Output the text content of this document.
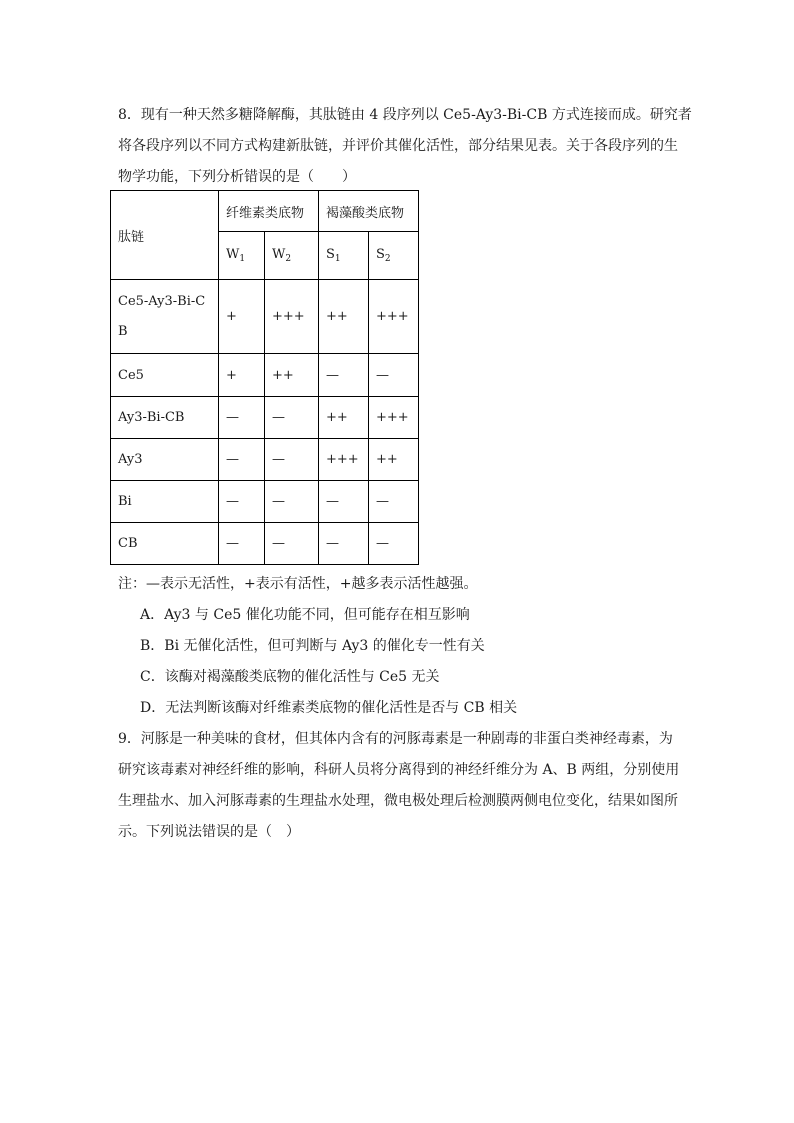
8．现有一种天然多糖降解酶，其肽链由 4 段序列以 Ce5-Ay3-Bi-CB 方式连接而成。研究者
将各段序列以不同方式构建新肽链，并评价其催化活性，部分结果见表。关于各段序列的生
物学功能，下列分析错误的是（　　）
肽链	纤维素类底物		褐藻酸类底物	
	$W_1$	$W_2$	$S_1$	$S_2$
Ce5-Ay3-Bi-C
B	+	+++	++	+++
Ce5	+	++	—	—
Ay3-Bi-CB	—	—	++	+++
Ay3	—	—	+++	++
Bi	—	—	—	—
CB	—	—	—	—
注：—表示无活性，+表示有活性，+越多表示活性越强。
A．Ay3 与 Ce5 催化功能不同，但可能存在相互影响
B．Bi 无催化活性，但可判断与 Ay3 的催化专一性有关
C．该酶对褐藻酸类底物的催化活性与 Ce5 无关
D．无法判断该酶对纤维素类底物的催化活性是否与 CB 相关
9．河豚是一种美味的食材，但其体内含有的河豚毒素是一种剧毒的非蛋白类神经毒素，为
研究该毒素对神经纤维的影响，科研人员将分离得到的神经纤维分为 A、B 两组，分别使用
生理盐水、加入河豚毒素的生理盐水处理，微电极处理后检测膜两侧电位变化，结果如图所
示。下列说法错误的是（　）
